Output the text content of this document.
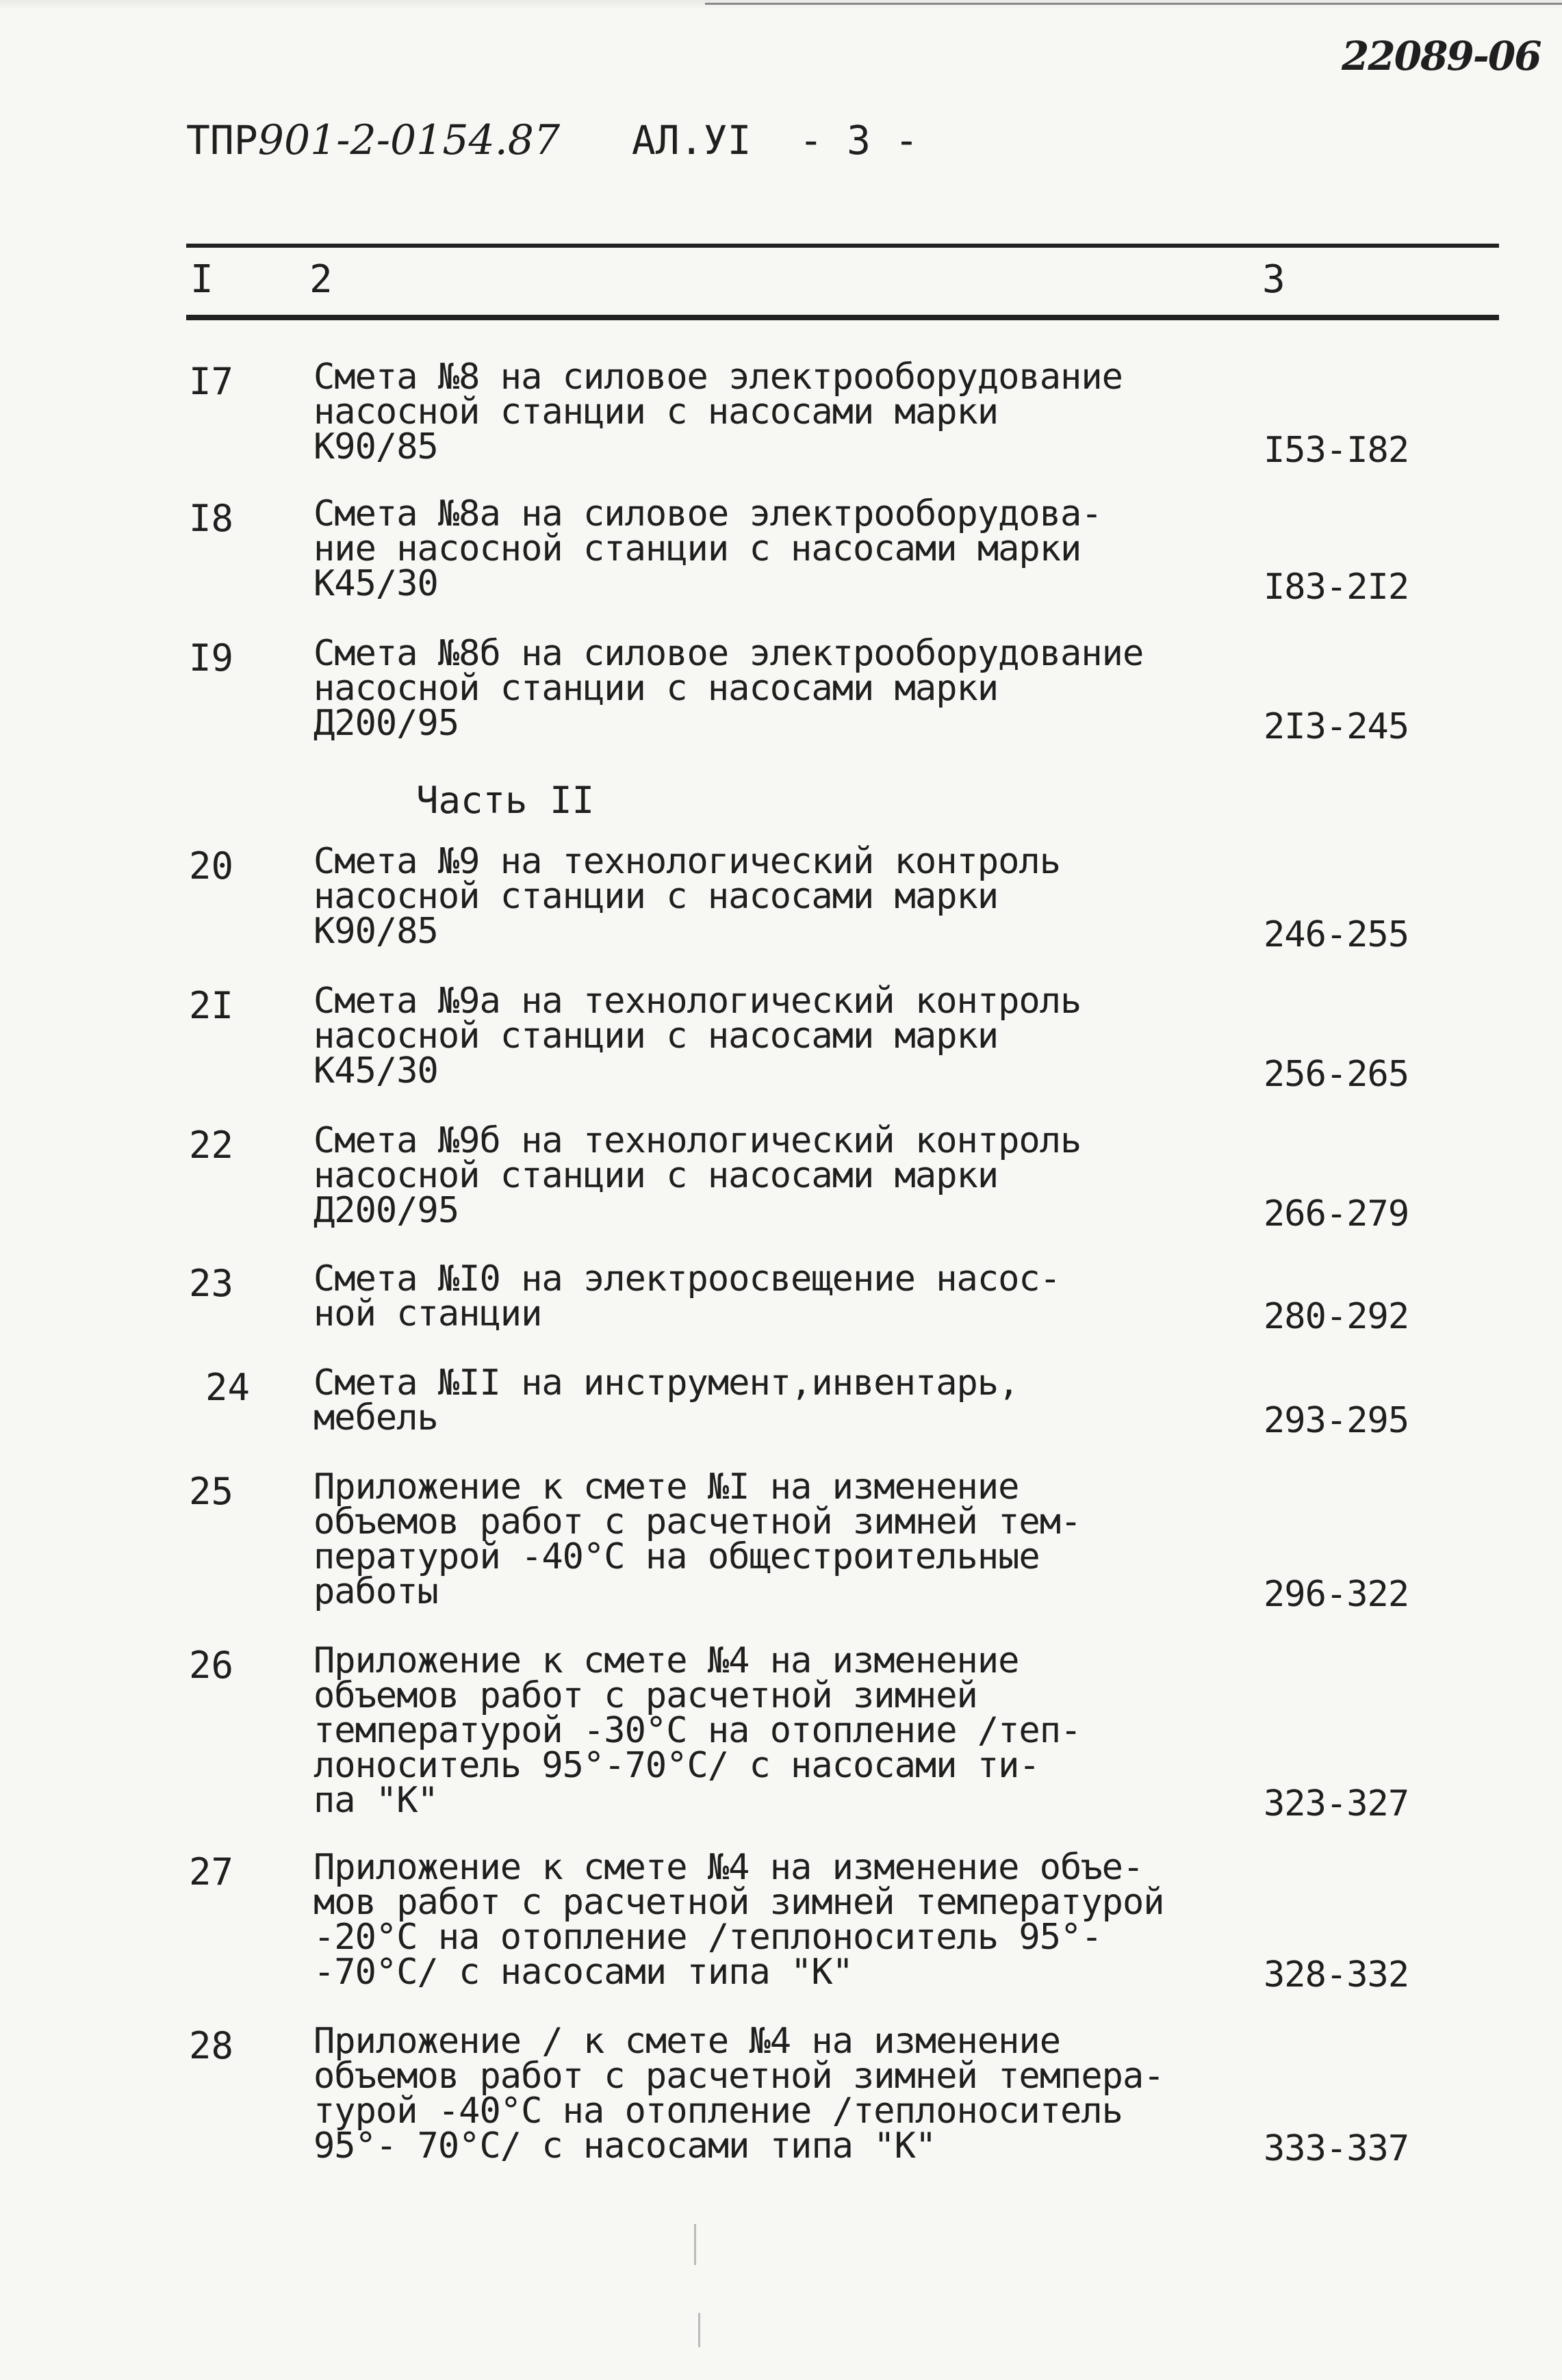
22089-06
ТПР901-2-0154.87 АЛ.УI - 3 -
I	2	3
I7 Смета №8 на силовое электрооборудование
насосной станции с насосами марки
К90/85	I53-I82
I8 Смета №8а на силовое электрооборудова-
ние насосной станции с насосами марки
К45/30	I83-2I2
I9 Смета №8б на силовое электрооборудование
насосной станции с насосами марки
Д200/95	2I3-245
Часть II
20 Смета №9 на технологический контроль
насосной станции с насосами марки
К90/85	246-255
2I Смета №9а на технологический контроль
насосной станции с насосами марки
К45/30	256-265
22 Смета №9б на технологический контроль
насосной станции с насосами марки
Д200/95	266-279
23 Смета №I0 на электроосвещение насос-
ной станции	280-292
24 Смета №II на инструмент,инвентарь,
мебель	293-295
25 Приложение к смете №I на изменение
объемов работ с расчетной зимней тем-
пературой -40°С на общестроительные
работы	296-322
26 Приложение к смете №4 на изменение
объемов работ с расчетной зимней
температурой -30°С на отопление /теп-
лоноситель 95°-70°С/ с насосами ти-
па "К"	323-327
27 Приложение к смете №4 на изменение объе-
мов работ с расчетной зимней температурой
-20°С на отопление /теплоноситель 95°-
-70°С/ с насосами типа "К"	328-332
28 Приложение / к смете №4 на изменение
объемов работ с расчетной зимней темпера-
турой -40°С на отопление /теплоноситель
95°- 70°С/ с насосами типа "К"	333-337
